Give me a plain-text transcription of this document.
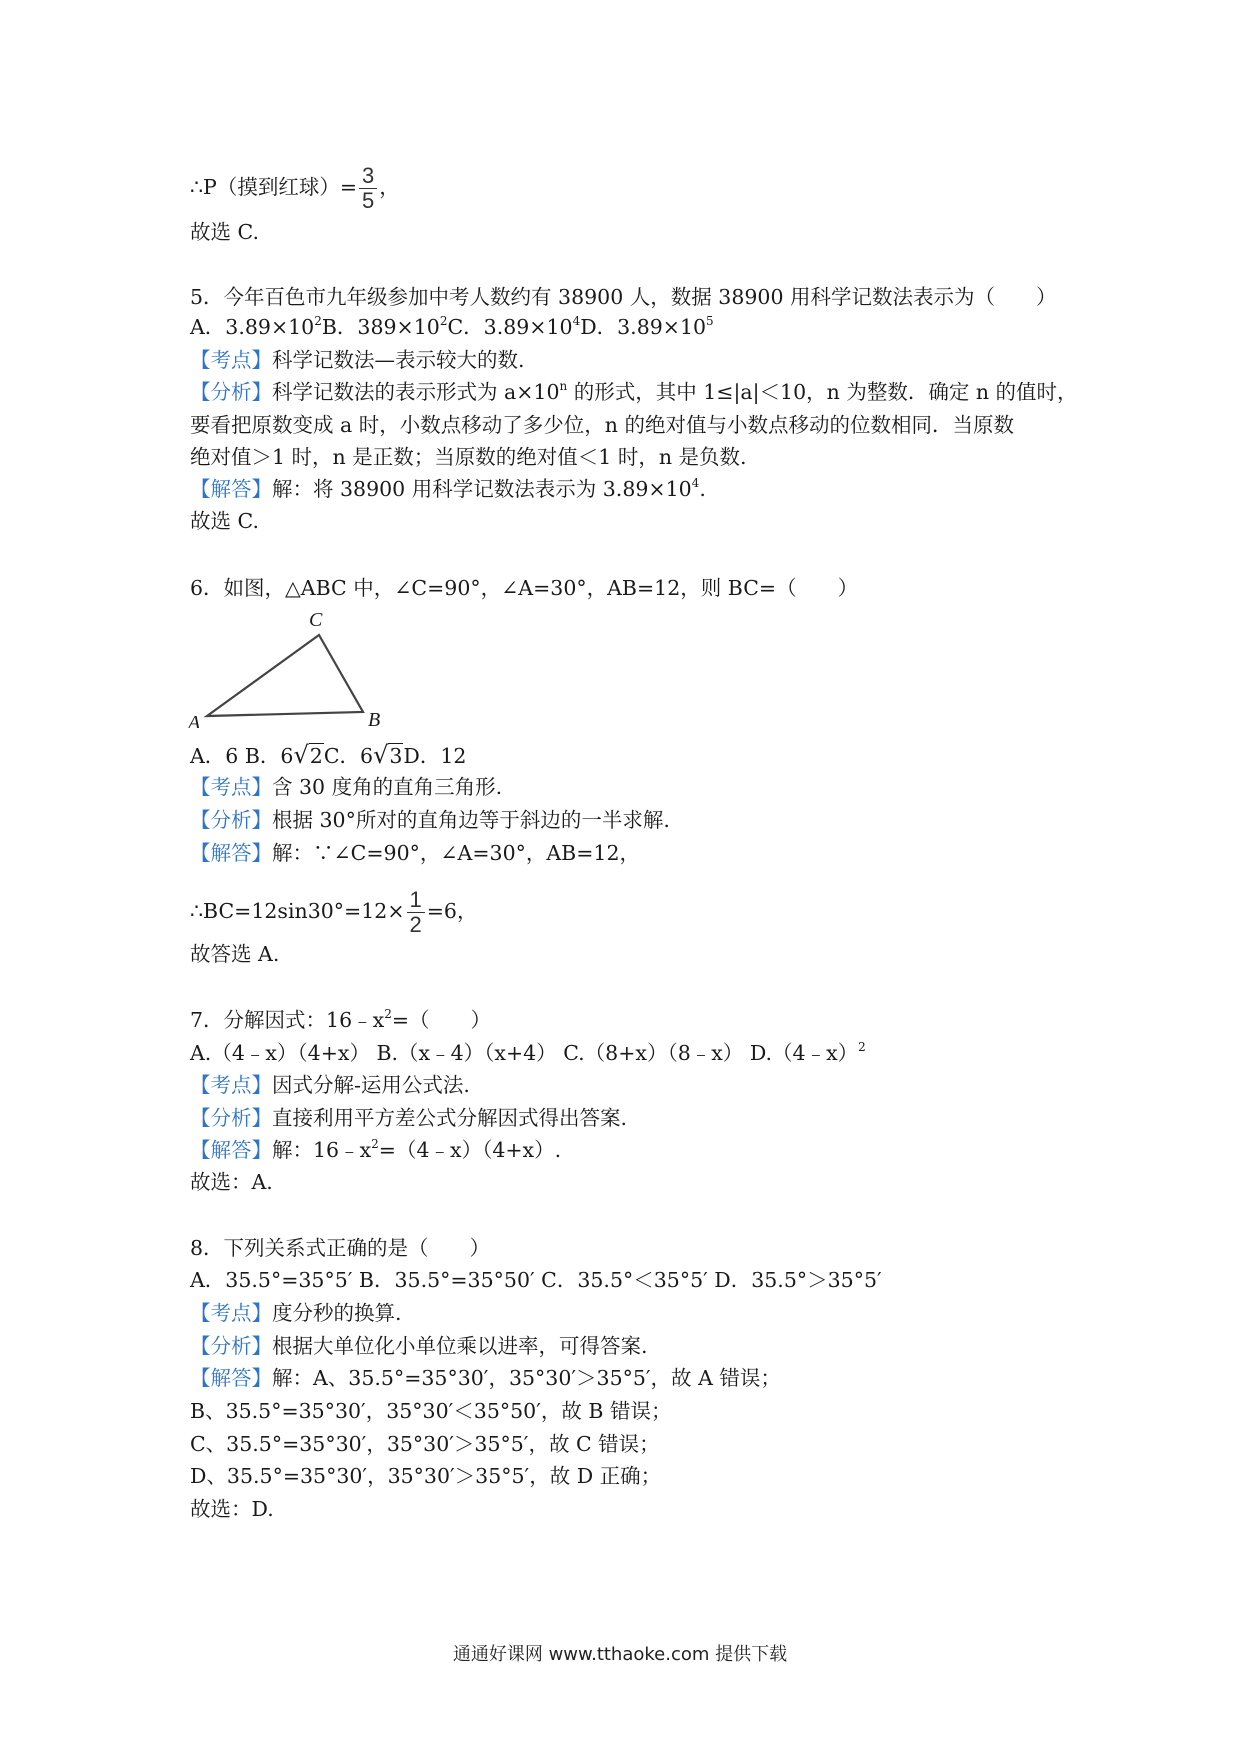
∴P（摸到红球）= $\frac{3}{5}$ ，
故选 C.
5．今年百色市九年级参加中考人数约有 38900 人，数据 38900 用科学记数法表示为（　　）
A．$3.89\times 10^2B$．$389\times 10^2C$．$3.89\times 10^4D$．$3.89\times 10^5$
【考点】科学记数法—表示较大的数.
【分析】科学记数法的表示形式为 $a\times 10^n$ 的形式，其中 1≤|a|＜10，n 为整数．确定 n 的值时，
要看把原数变成 a 时，小数点移动了多少位，n 的绝对值与小数点移动的位数相同．当原数
绝对值＞1 时，n 是正数；当原数的绝对值＜1 时，n 是负数.
【解答】解：将 38900 用科学记数法表示为 $3.89\times 10^4$.
故选 C.
6．如图，△ABC 中，∠C=90°，∠A=30°，AB=12，则 BC=（　　）
A	B
C
A．6 B．6√2C．6√3D．12
【考点】含 30 度角的直角三角形.
【分析】根据 30°所对的直角边等于斜边的一半求解.
【解答】解：∵∠C=90°，∠A=30°，AB=12，
∴BC=12sin30°=12× $\frac{1}{2} =6$，
故答选 A.
7．分解因式：$16﹣x^2=$（　　）
A.（4﹣x）（4+x） B.（x﹣4）（x+4） C.（8+x）（8﹣x） D.（4﹣x）$^2$
【考点】因式分解-运用公式法.
【分析】直接利用平方差公式分解因式得出答案.
【解答】解：$16﹣x^2=(4﹣x)(4+x)$.
故选：A.
8．下列关系式正确的是（　　）
A．35.5°=35°5′ B．35.5°=35°50′ C．35.5°＜35°5′ D．35.5°＞35°5′
【考点】度分秒的换算.
【分析】根据大单位化小单位乘以进率，可得答案.
【解答】解：A、35.5°=35°30′，35°30′＞35°5′，故 A 错误；
B、35.5°=35°30′，35°30′＜35°50′，故 B 错误；
C、35.5°=35°30′，35°30′＞35°5′，故 C 错误；
D、35.5°=35°30′，35°30′＞35°5′，故 D 正确；
故选：D.
通通好课网 www.tthaoke.com 提供下载
